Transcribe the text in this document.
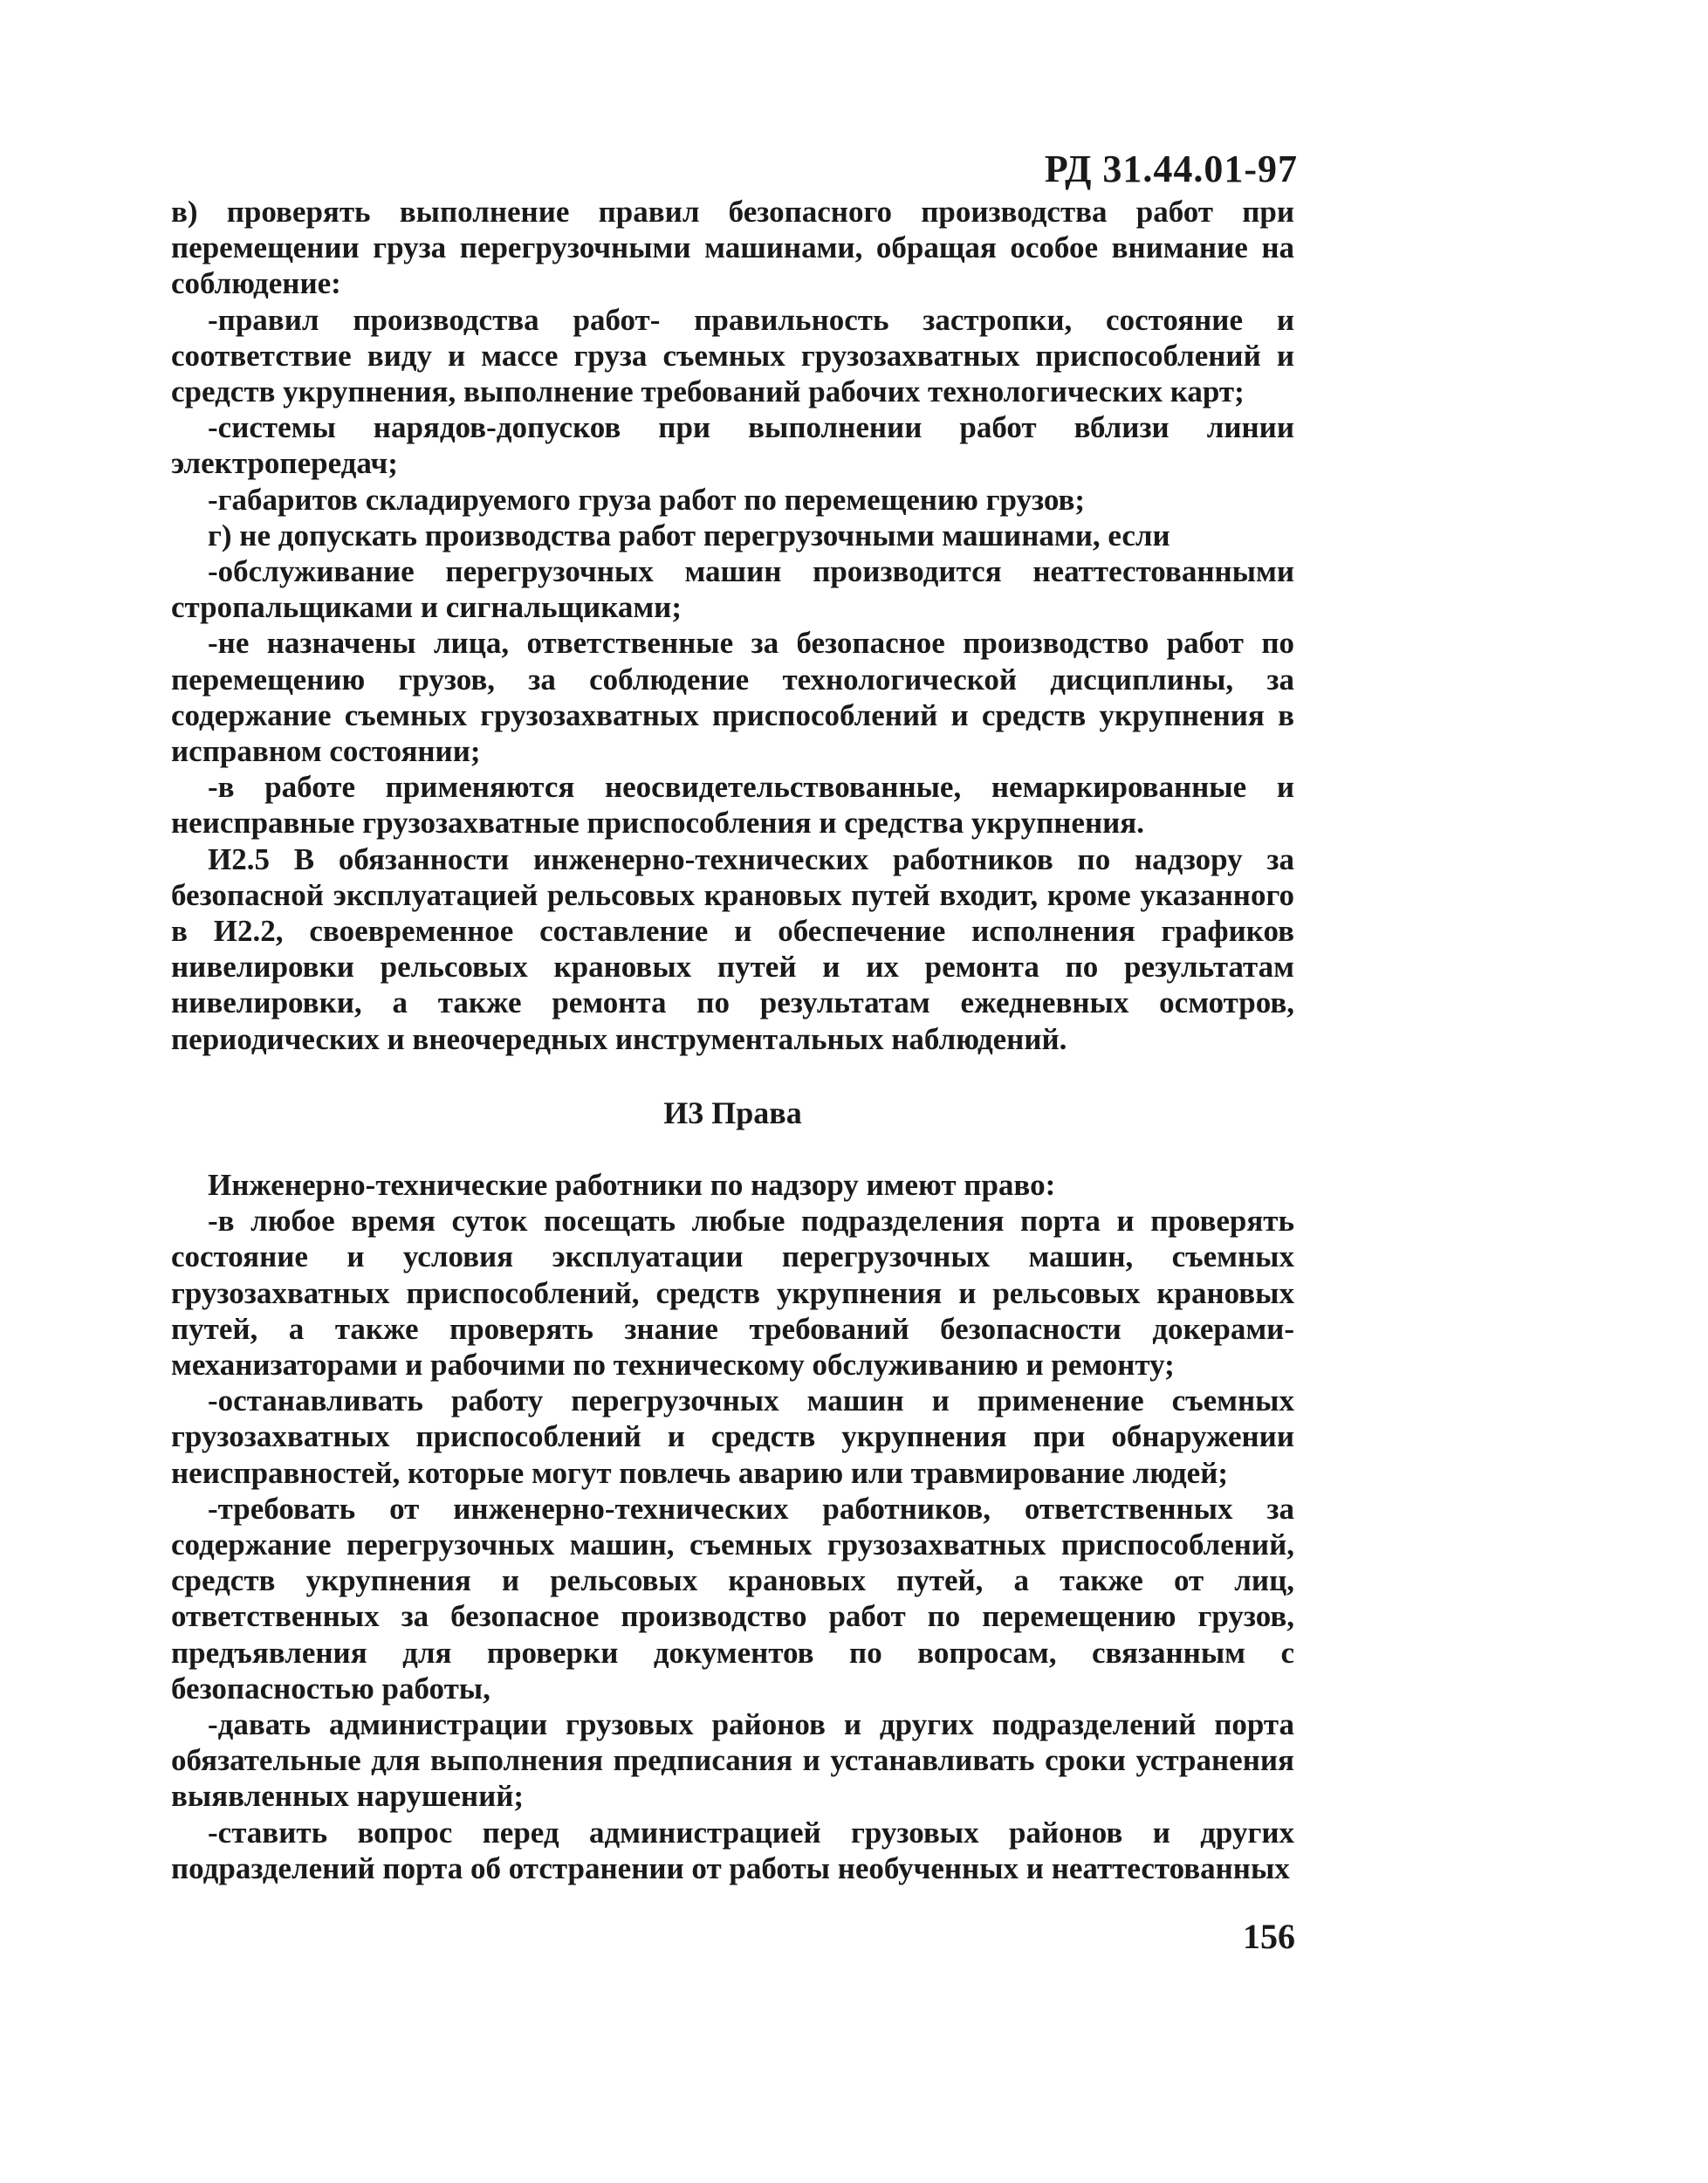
РД 31.44.01-97

в) проверять выполнение правил безопасного производства работ при перемещении груза перегрузочными машинами, обращая особое внимание на соблюдение:

-правил производства работ- правильность застропки, состояние и соответствие виду и массе груза съемных грузозахватных приспособлений и средств укрупнения, выполнение требований рабочих технологических карт;

-системы нарядов-допусков при выполнении работ вблизи линии электропередач;

-габаритов складируемого груза работ по перемещению грузов;

г) не допускать производства работ перегрузочными машинами, если

-обслуживание перегрузочных машин производится неаттестованными стропальщиками и сигнальщиками;

-не назначены лица, ответственные за безопасное производство работ по перемещению грузов, за соблюдение технологической дисциплины, за содержание съемных грузозахватных приспособлений и средств укрупнения в исправном состоянии;

-в работе применяются неосвидетельствованные, немаркированные и неисправные грузозахватные приспособления и средства укрупнения.

И2.5 В обязанности инженерно-технических работников по надзору за безопасной эксплуатацией рельсовых крановых путей входит, кроме указанного в И2.2, своевременное составление и обеспечение исполнения графиков нивелировки рельсовых крановых путей и их ремонта по результатам нивелировки, а также ремонта по результатам ежедневных осмотров, периодических и внеочередных инструментальных наблюдений.

И3 Права

Инженерно-технические работники по надзору имеют право:

-в любое время суток посещать любые подразделения порта и проверять состояние и условия эксплуатации перегрузочных машин, съемных грузозахватных приспособлений, средств укрупнения и рельсовых крановых путей, а также проверять знание требований безопасности докерами-механизаторами и рабочими по техническому обслуживанию и ремонту;

-останавливать работу перегрузочных машин и применение съемных грузозахватных приспособлений и средств укрупнения при обнаружении неисправностей, которые могут повлечь аварию или травмирование людей;

-требовать от инженерно-технических работников, ответственных за содержание перегрузочных машин, съемных грузозахватных приспособлений, средств укрупнения и рельсовых крановых путей, а также от лиц, ответственных за безопасное производство работ по перемещению грузов, предъявления для проверки документов по вопросам, связанным с безопасностью работы,

-давать администрации грузовых районов и других подразделений порта обязательные для выполнения предписания и устанавливать сроки устранения выявленных нарушений;

-ставить вопрос перед администрацией грузовых районов и других подразделений порта об отстранении от работы необученных и неаттестованных

156
